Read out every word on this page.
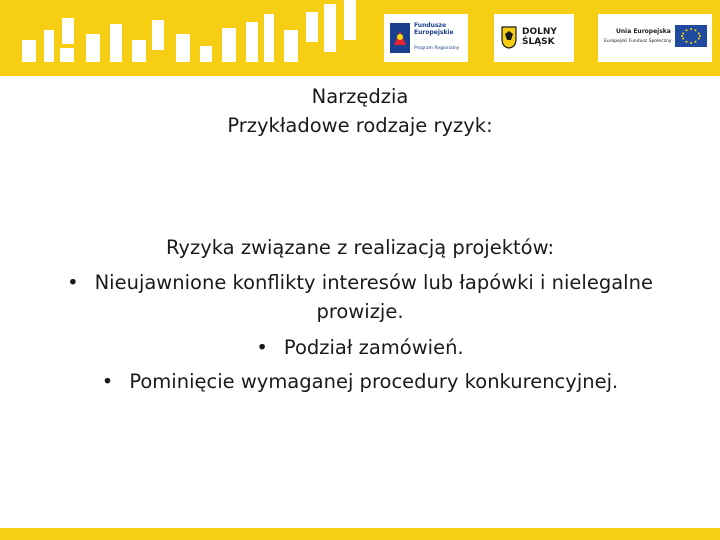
Fundusze
Europejskie
Program Regionalny
DOLNY
ŚLĄSK
Unia Europejska
Europejski Fundusz Społeczny
Narzędzia
Przykładowe rodzaje ryzyk:
Ryzyka związane z realizacją projektów:
• Nieujawnione konflikty interesów lub łapówki i nielegalne prowizje.
• Podział zamówień.
• Pominięcie wymaganej procedury konkurencyjnej.
